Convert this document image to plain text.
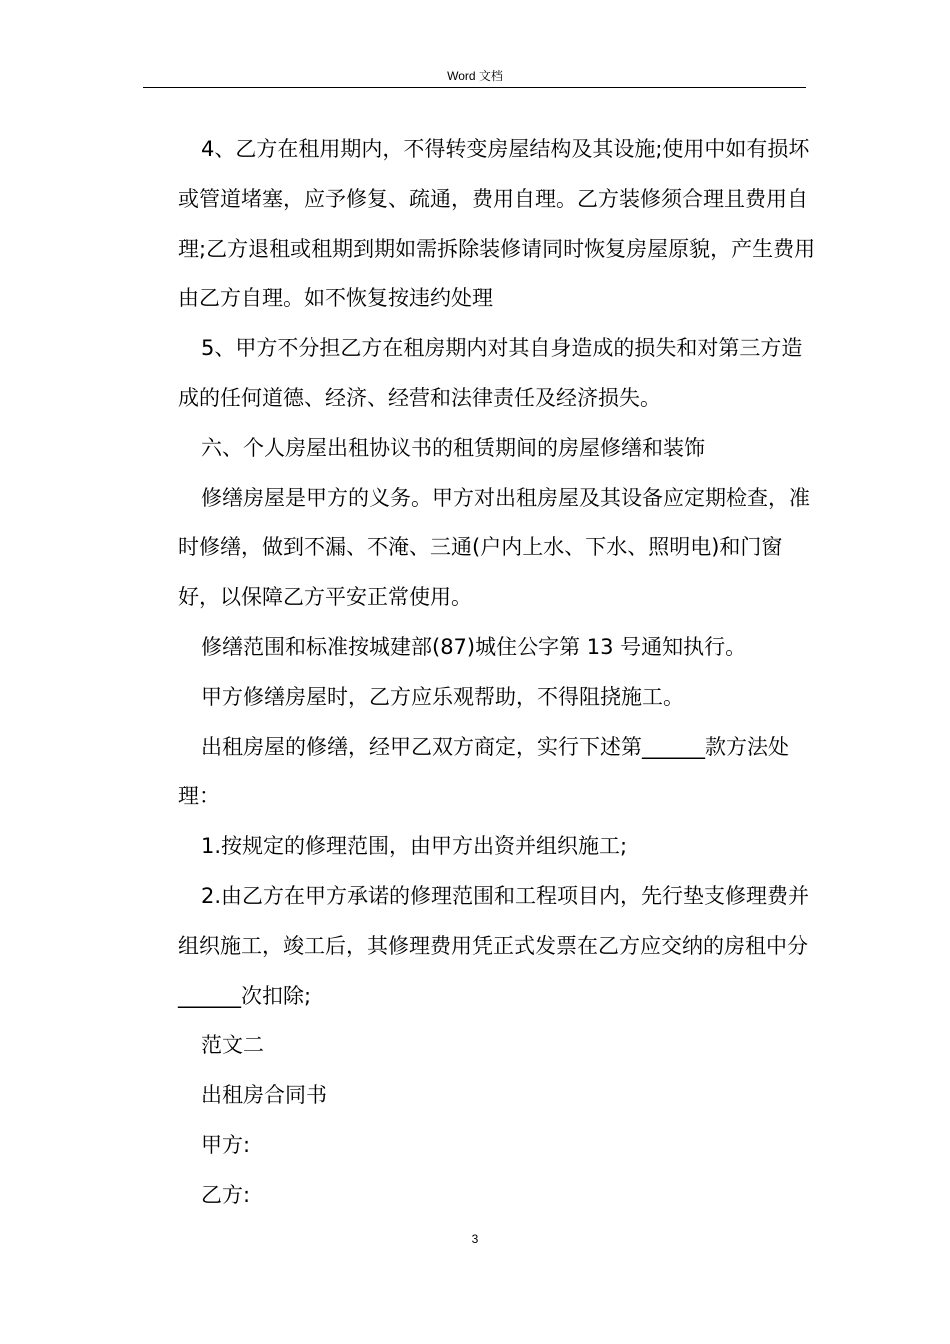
Word 文档

4、乙方在租用期内，不得转变房屋结构及其设施;使用中如有损坏或管道堵塞，应予修复、疏通，费用自理。乙方装修须合理且费用自理;乙方退租或租期到期如需拆除装修请同时恢复房屋原貌，产生费用由乙方自理。如不恢复按违约处理

5、甲方不分担乙方在租房期内对其自身造成的损失和对第三方造成的任何道德、经济、经营和法律责任及经济损失。

六、个人房屋出租协议书的租赁期间的房屋修缮和装饰

修缮房屋是甲方的义务。甲方对出租房屋及其设备应定期检查，准时修缮，做到不漏、不淹、三通(户内上水、下水、照明电)和门窗好，以保障乙方平安正常使用。

修缮范围和标准按城建部(87)城住公字第 13 号通知执行。

甲方修缮房屋时，乙方应乐观帮助，不得阻挠施工。

出租房屋的修缮，经甲乙双方商定，实行下述第______款方法处理：

1.按规定的修理范围，由甲方出资并组织施工;

2.由乙方在甲方承诺的修理范围和工程项目内，先行垫支修理费并组织施工，竣工后，其修理费用凭正式发票在乙方应交纳的房租中分______次扣除;

范文二

出租房合同书

甲方:

乙方:

3
